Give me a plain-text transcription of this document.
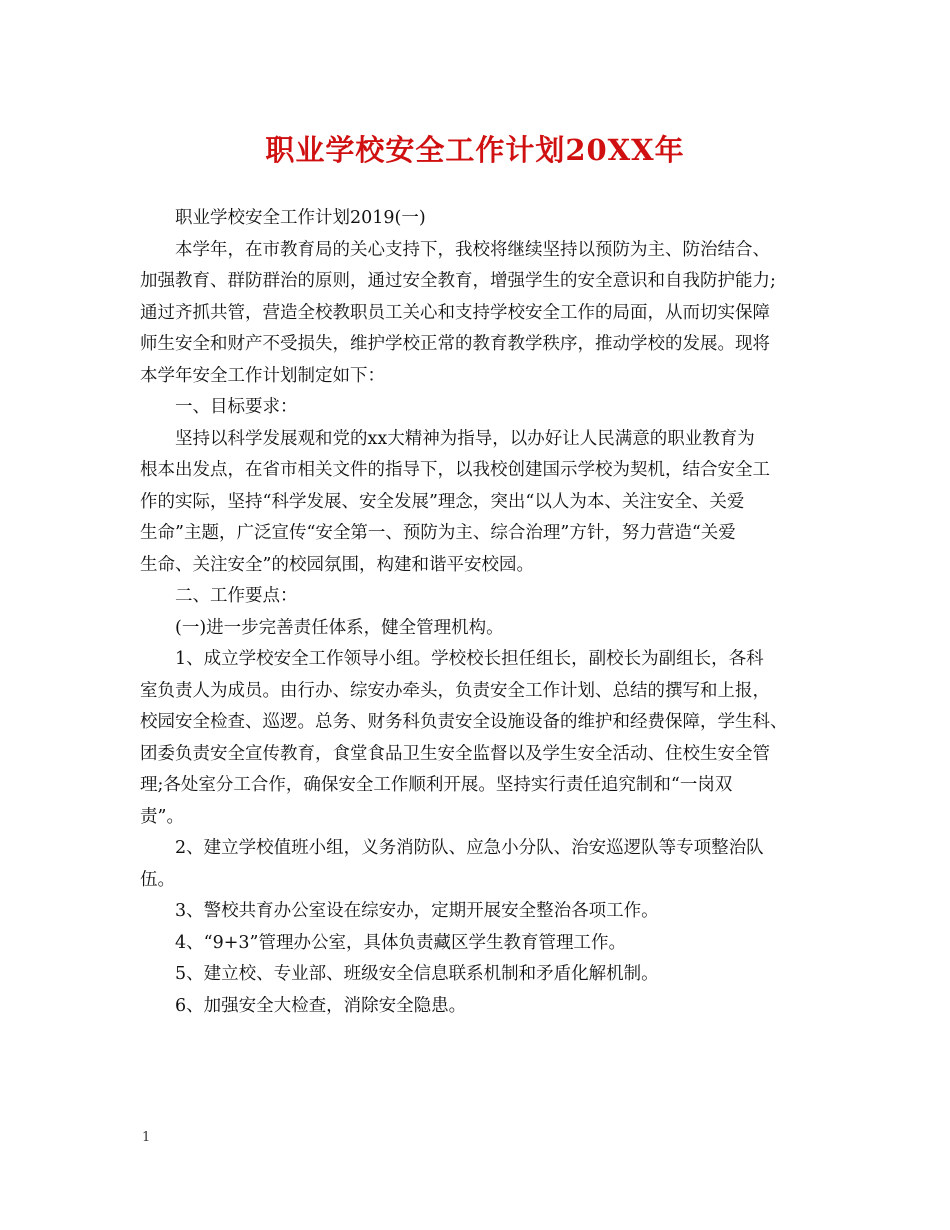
职业学校安全工作计划20XX年
职业学校安全工作计划2019(一)
本学年，在市教育局的关心支持下，我校将继续坚持以预防为主、防治结合、
加强教育、群防群治的原则，通过安全教育，增强学生的安全意识和自我防护能力;
通过齐抓共管，营造全校教职员工关心和支持学校安全工作的局面，从而切实保障
师生安全和财产不受损失，维护学校正常的教育教学秩序，推动学校的发展。现将
本学年安全工作计划制定如下：
一、目标要求：
坚持以科学发展观和党的xx大精神为指导，以办好让人民满意的职业教育为
根本出发点，在省市相关文件的指导下，以我校创建国示学校为契机，结合安全工
作的实际，坚持“科学发展、安全发展”理念，突出“以人为本、关注安全、关爱
生命”主题，广泛宣传“安全第一、预防为主、综合治理”方针，努力营造“关爱
生命、关注安全”的校园氛围，构建和谐平安校园。
二、工作要点：
(一)进一步完善责任体系，健全管理机构。
1、成立学校安全工作领导小组。学校校长担任组长，副校长为副组长，各科
室负责人为成员。由行办、综安办牵头，负责安全工作计划、总结的撰写和上报，
校园安全检查、巡逻。总务、财务科负责安全设施设备的维护和经费保障，学生科、
团委负责安全宣传教育，食堂食品卫生安全监督以及学生安全活动、住校生安全管
理;各处室分工合作，确保安全工作顺利开展。坚持实行责任追究制和“一岗双
责”。
2、建立学校值班小组，义务消防队、应急小分队、治安巡逻队等专项整治队
伍。
3、警校共育办公室设在综安办，定期开展安全整治各项工作。
4、“9+3”管理办公室，具体负责藏区学生教育管理工作。
5、建立校、专业部、班级安全信息联系机制和矛盾化解机制。
6、加强安全大检查，消除安全隐患。
1
